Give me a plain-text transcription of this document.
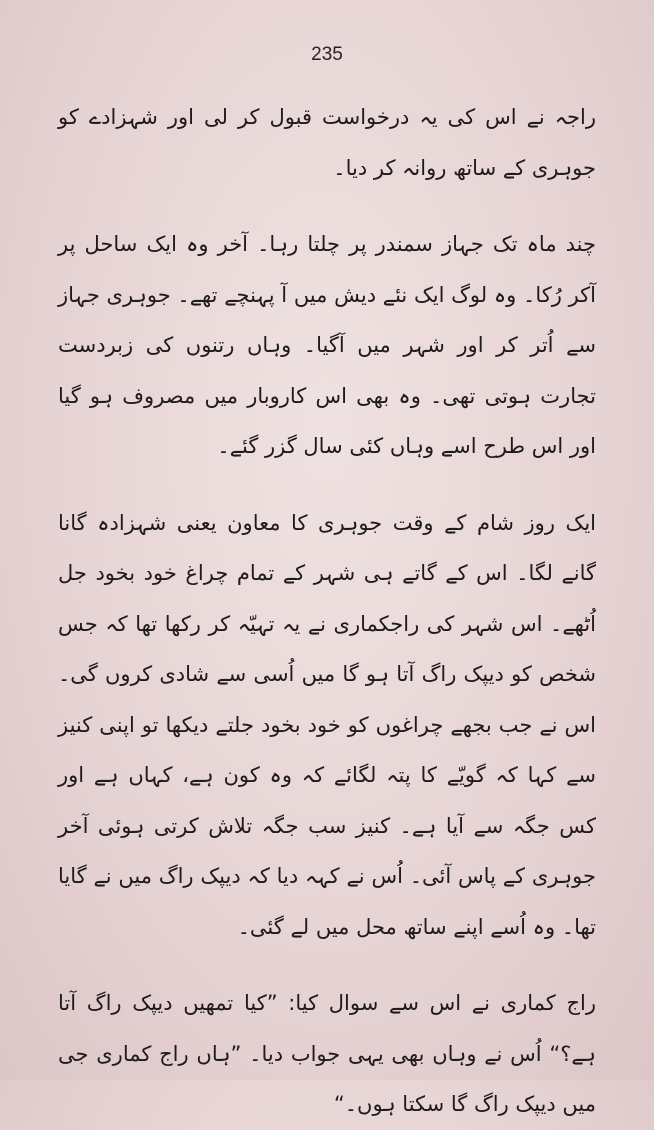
235

راجہ نے اس کی یہ درخواست قبول کر لی اور شہزادے کو جوہری کے ساتھ روانہ کر دیا۔

چند ماہ تک جہاز سمندر پر چلتا رہا۔ آخر وہ ایک ساحل پر آکر رُکا۔ وہ لوگ ایک نئے دیش میں آ پہنچے تھے۔ جوہری جہاز سے اُتر کر اور شہر میں آگیا۔ وہاں رتنوں کی زبردست تجارت ہوتی تھی۔ وہ بھی اس کاروبار میں مصروف ہو گیا اور اس طرح اسے وہاں کئی سال گزر گئے۔

ایک روز شام کے وقت جوہری کا معاون یعنی شہزادہ گانا گانے لگا۔ اس کے گاتے ہی شہر کے تمام چراغ خود بخود جل اُٹھے۔ اس شہر کی راجکماری نے یہ تہیّہ کر رکھا تھا کہ جس شخص کو دیپک راگ آتا ہو گا میں اُسی سے شادی کروں گی۔ اس نے جب بجھے چراغوں کو خود بخود جلتے دیکھا تو اپنی کنیز سے کہا کہ گویّے کا پتہ لگائے کہ وہ کون ہے، کہاں ہے اور کس جگہ سے آیا ہے۔ کنیز سب جگہ تلاش کرتی ہوئی آخر جوہری کے پاس آئی۔ اُس نے کہہ دیا کہ دیپک راگ میں نے گایا تھا۔ وہ اُسے اپنے ساتھ محل میں لے گئی۔

راج کماری نے اس سے سوال کیا: ”کیا تمھیں دیپک راگ آتا ہے؟“ اُس نے وہاں بھی یہی جواب دیا۔ ”ہاں راج کماری جی میں دیپک راگ گا سکتا ہوں۔“
